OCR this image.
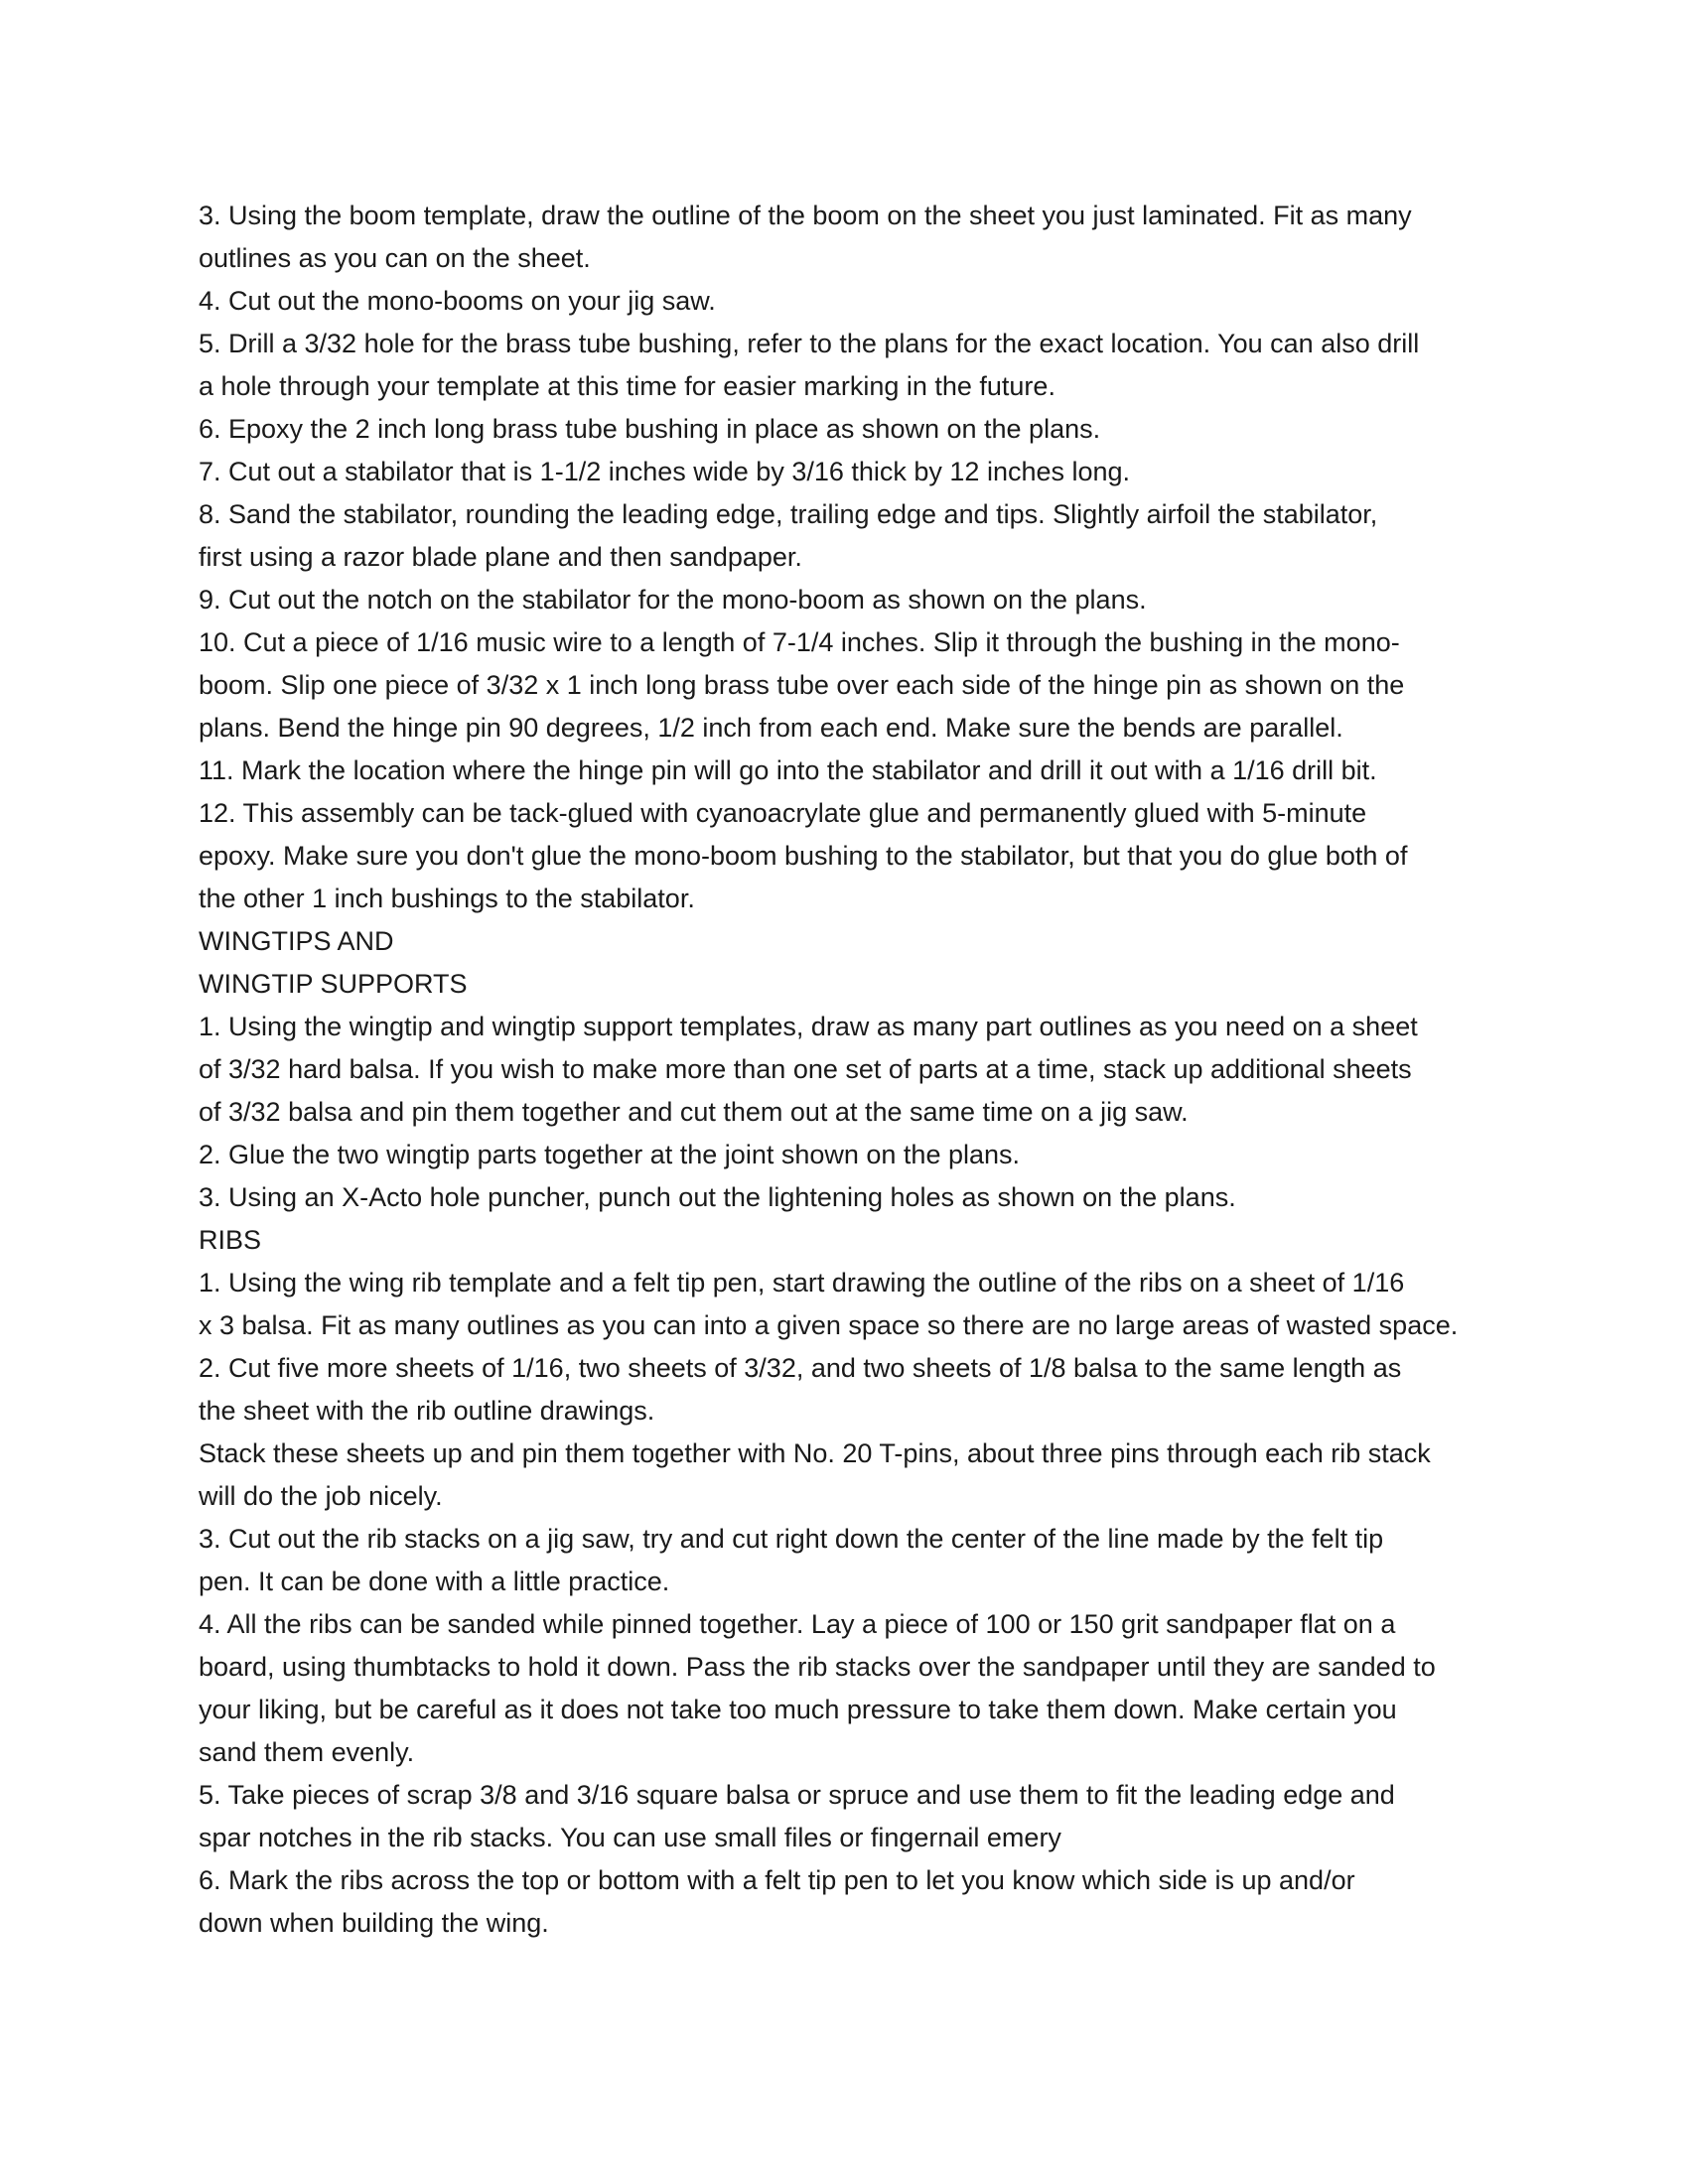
3. Using the boom template, draw the outline of the boom on the sheet you just laminated. Fit as many
outlines as you can on the sheet.
4. Cut out the mono-booms on your jig saw.
5. Drill a 3/32 hole for the brass tube bushing, refer to the plans for the exact location. You can also drill
a hole through your template at this time for easier marking in the future.
6. Epoxy the 2 inch long brass tube bushing in place as shown on the plans.
7. Cut out a stabilator that is 1-1/2 inches wide by 3/16 thick by 12 inches long.
8. Sand the stabilator, rounding the leading edge, trailing edge and tips. Slightly airfoil the stabilator,
first using a razor blade plane and then sandpaper.
9. Cut out the notch on the stabilator for the mono-boom as shown on the plans.
10. Cut a piece of 1/16 music wire to a length of 7-1/4 inches. Slip it through the bushing in the mono-
boom. Slip one piece of 3/32 x 1 inch long brass tube over each side of the hinge pin as shown on the
plans. Bend the hinge pin 90 degrees, 1/2 inch from each end. Make sure the bends are parallel.
11. Mark the location where the hinge pin will go into the stabilator and drill it out with a 1/16 drill bit.
12. This assembly can be tack-glued with cyanoacrylate glue and permanently glued with 5-minute
epoxy. Make sure you don't glue the mono-boom bushing to the stabilator, but that you do glue both of
the other 1 inch bushings to the stabilator.
WINGTIPS AND
WINGTIP SUPPORTS
1. Using the wingtip and wingtip support templates, draw as many part outlines as you need on a sheet
of 3/32 hard balsa. If you wish to make more than one set of parts at a time, stack up additional sheets
of 3/32 balsa and pin them together and cut them out at the same time on a jig saw.
2. Glue the two wingtip parts together at the joint shown on the plans.
3. Using an X-Acto hole puncher, punch out the lightening holes as shown on the plans.
RIBS
1. Using the wing rib template and a felt tip pen, start drawing the outline of the ribs on a sheet of 1/16
x 3 balsa. Fit as many outlines as you can into a given space so there are no large areas of wasted space.
2. Cut five more sheets of 1/16, two sheets of 3/32, and two sheets of 1/8 balsa to the same length as
the sheet with the rib outline drawings.
Stack these sheets up and pin them together with No. 20 T-pins, about three pins through each rib stack
will do the job nicely.
3. Cut out the rib stacks on a jig saw, try and cut right down the center of the line made by the felt tip
pen. It can be done with a little practice.
4. All the ribs can be sanded while pinned together. Lay a piece of 100 or 150 grit sandpaper flat on a
board, using thumbtacks to hold it down. Pass the rib stacks over the sandpaper until they are sanded to
your liking, but be careful as it does not take too much pressure to take them down. Make certain you
sand them evenly.
5. Take pieces of scrap 3/8 and 3/16 square balsa or spruce and use them to fit the leading edge and
spar notches in the rib stacks. You can use small files or fingernail emery
6. Mark the ribs across the top or bottom with a felt tip pen to let you know which side is up and/or
down when building the wing.
